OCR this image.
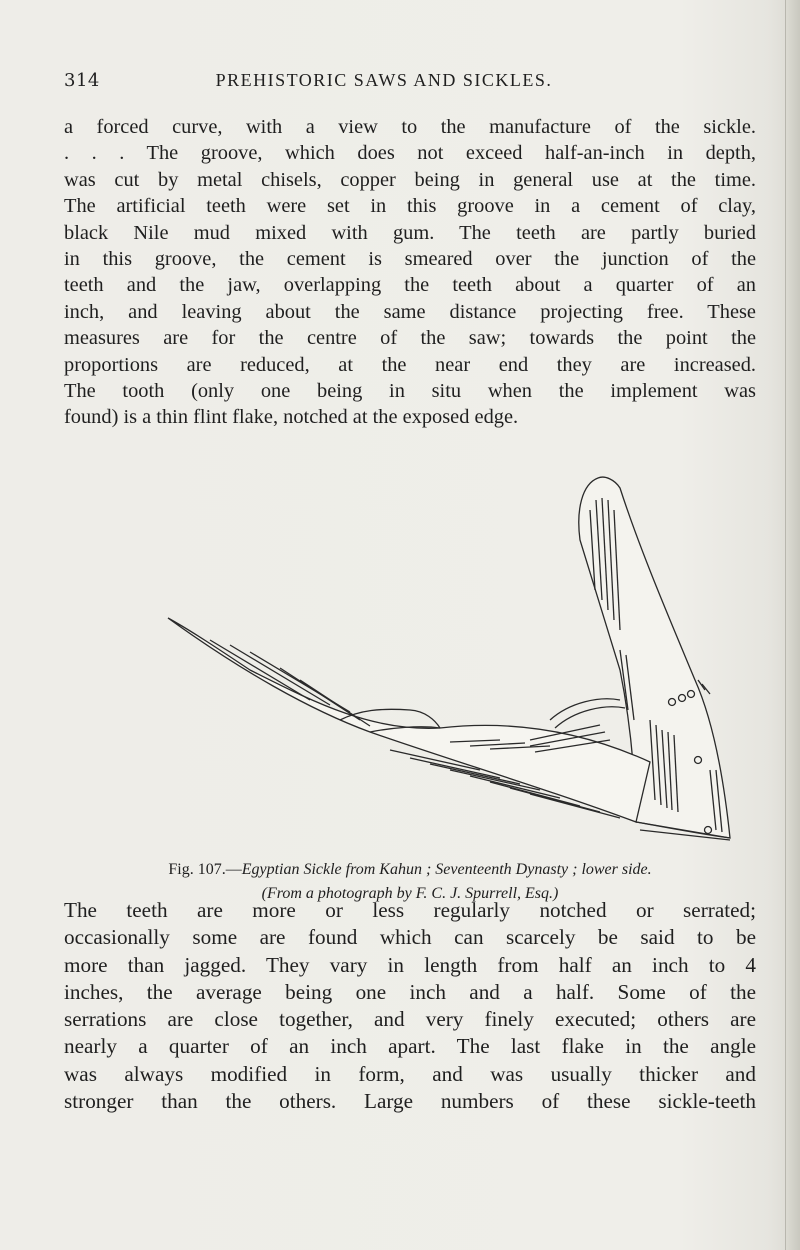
314	PREHISTORIC SAWS AND SICKLES.
a forced curve, with a view to the manufacture of the sickle.
. . . The groove, which does not exceed half-an-inch in depth,
was cut by metal chisels, copper being in general use at the time.
The artificial teeth were set in this groove in a cement of clay,
black Nile mud mixed with gum. The teeth are partly buried
in this groove, the cement is smeared over the junction of the
teeth and the jaw, overlapping the teeth about a quarter of an
inch, and leaving about the same distance projecting free. These
measures are for the centre of the saw; towards the point the
proportions are reduced, at the near end they are increased.
The tooth (only one being in situ when the implement was
found) is a thin flint flake, notched at the exposed edge.
Fig. 107.—Egyptian Sickle from Kahun ; Seventeenth Dynasty ; lower side.
(From a photograph by F. C. J. Spurrell, Esq.)
The teeth are more or less regularly notched or serrated;
occasionally some are found which can scarcely be said to be
more than jagged. They vary in length from half an inch to 4
inches, the average being one inch and a half. Some of the
serrations are close together, and very finely executed; others are
nearly a quarter of an inch apart. The last flake in the angle
was always modified in form, and was usually thicker and
stronger than the others. Large numbers of these sickle-teeth
